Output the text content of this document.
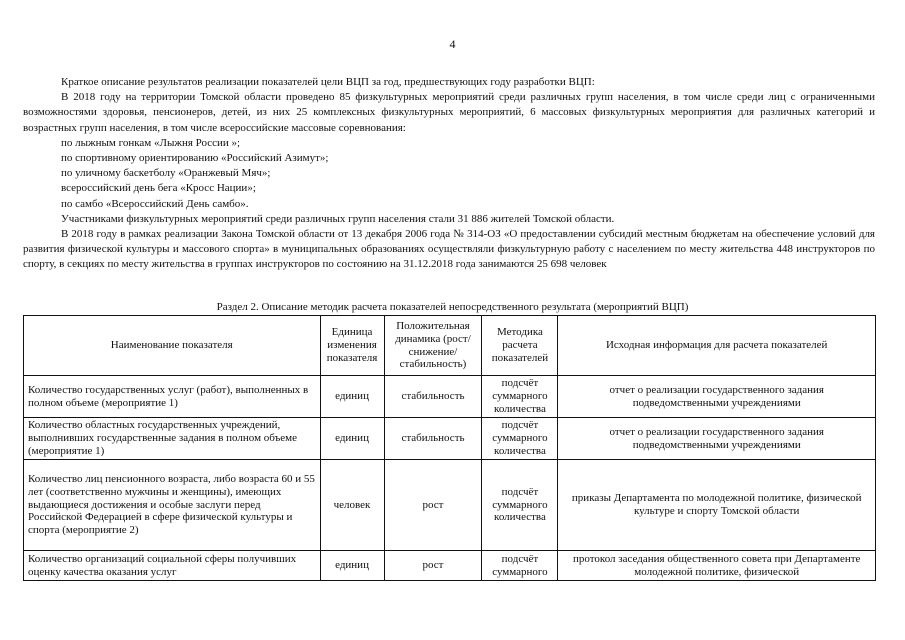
4

Краткое описание результатов реализации показателей цели ВЦП за год, предшествующих году разработки ВЦП:

В 2018 году на территории Томской области проведено 85 физкультурных мероприятий среди различных групп населения, в том числе среди лиц с ограниченными возможностями здоровья, пенсионеров, детей, из них 25 комплексных физкультурных мероприятий, 6 массовых физкультурных мероприятия для различных категорий и возрастных групп населения, в том числе всероссийские массовые соревнования:

по лыжным гонкам «Лыжня России »;

по спортивному ориентированию «Российский Азимут»;

по уличному баскетболу «Оранжевый Мяч»;

всероссийский день бега «Кросс Нации»;

по самбо «Всероссийский День самбо».

Участниками физкультурных мероприятий среди различных групп населения стали 31 886 жителей Томской области.

В 2018 году в рамках реализации Закона Томской области от 13 декабря 2006 года № 314-ОЗ «О предоставлении субсидий местным бюджетам на обеспечение условий для развития физической культуры и массового спорта» в муниципальных образованиях осуществляли физкультурную работу с населением по месту жительства 448 инструкторов по спорту, в секциях по месту жительства в группах инструкторов по состоянию на 31.12.2018 года занимаются 25 698 человек

Раздел 2. Описание методик расчета показателей непосредственного результата (мероприятий ВЦП)
Наименование показателя	Единица изменения показателя	Положительная динамика (рост/ снижение/ стабильность)	Методика расчета показателей	Исходная информация для расчета показателей
Количество государственных услуг (работ), выполненных в полном объеме (мероприятие 1)	единиц	стабильность	подсчёт суммарного количества	отчет о реализации государственного задания подведомственными учреждениями
Количество областных государственных учреждений, выполнивших государственные задания в полном объеме (мероприятие 1)	единиц	стабильность	подсчёт суммарного количества	отчет о реализации государственного задания подведомственными учреждениями
Количество лиц пенсионного возраста, либо возраста 60 и 55 лет (соответственно мужчины и женщины), имеющих выдающиеся достижения и особые заслуги перед Российской Федерацией в сфере физической культуры и спорта (мероприятие 2)	человек	рост	подсчёт суммарного количества	приказы Департамента по молодежной политике, физической культуре и спорту Томской области
Количество организаций социальной сферы получивших оценку качества оказания услуг	единиц	рост	подсчёт суммарного	протокол заседания общественного совета при Департаменте молодежной политике, физической
